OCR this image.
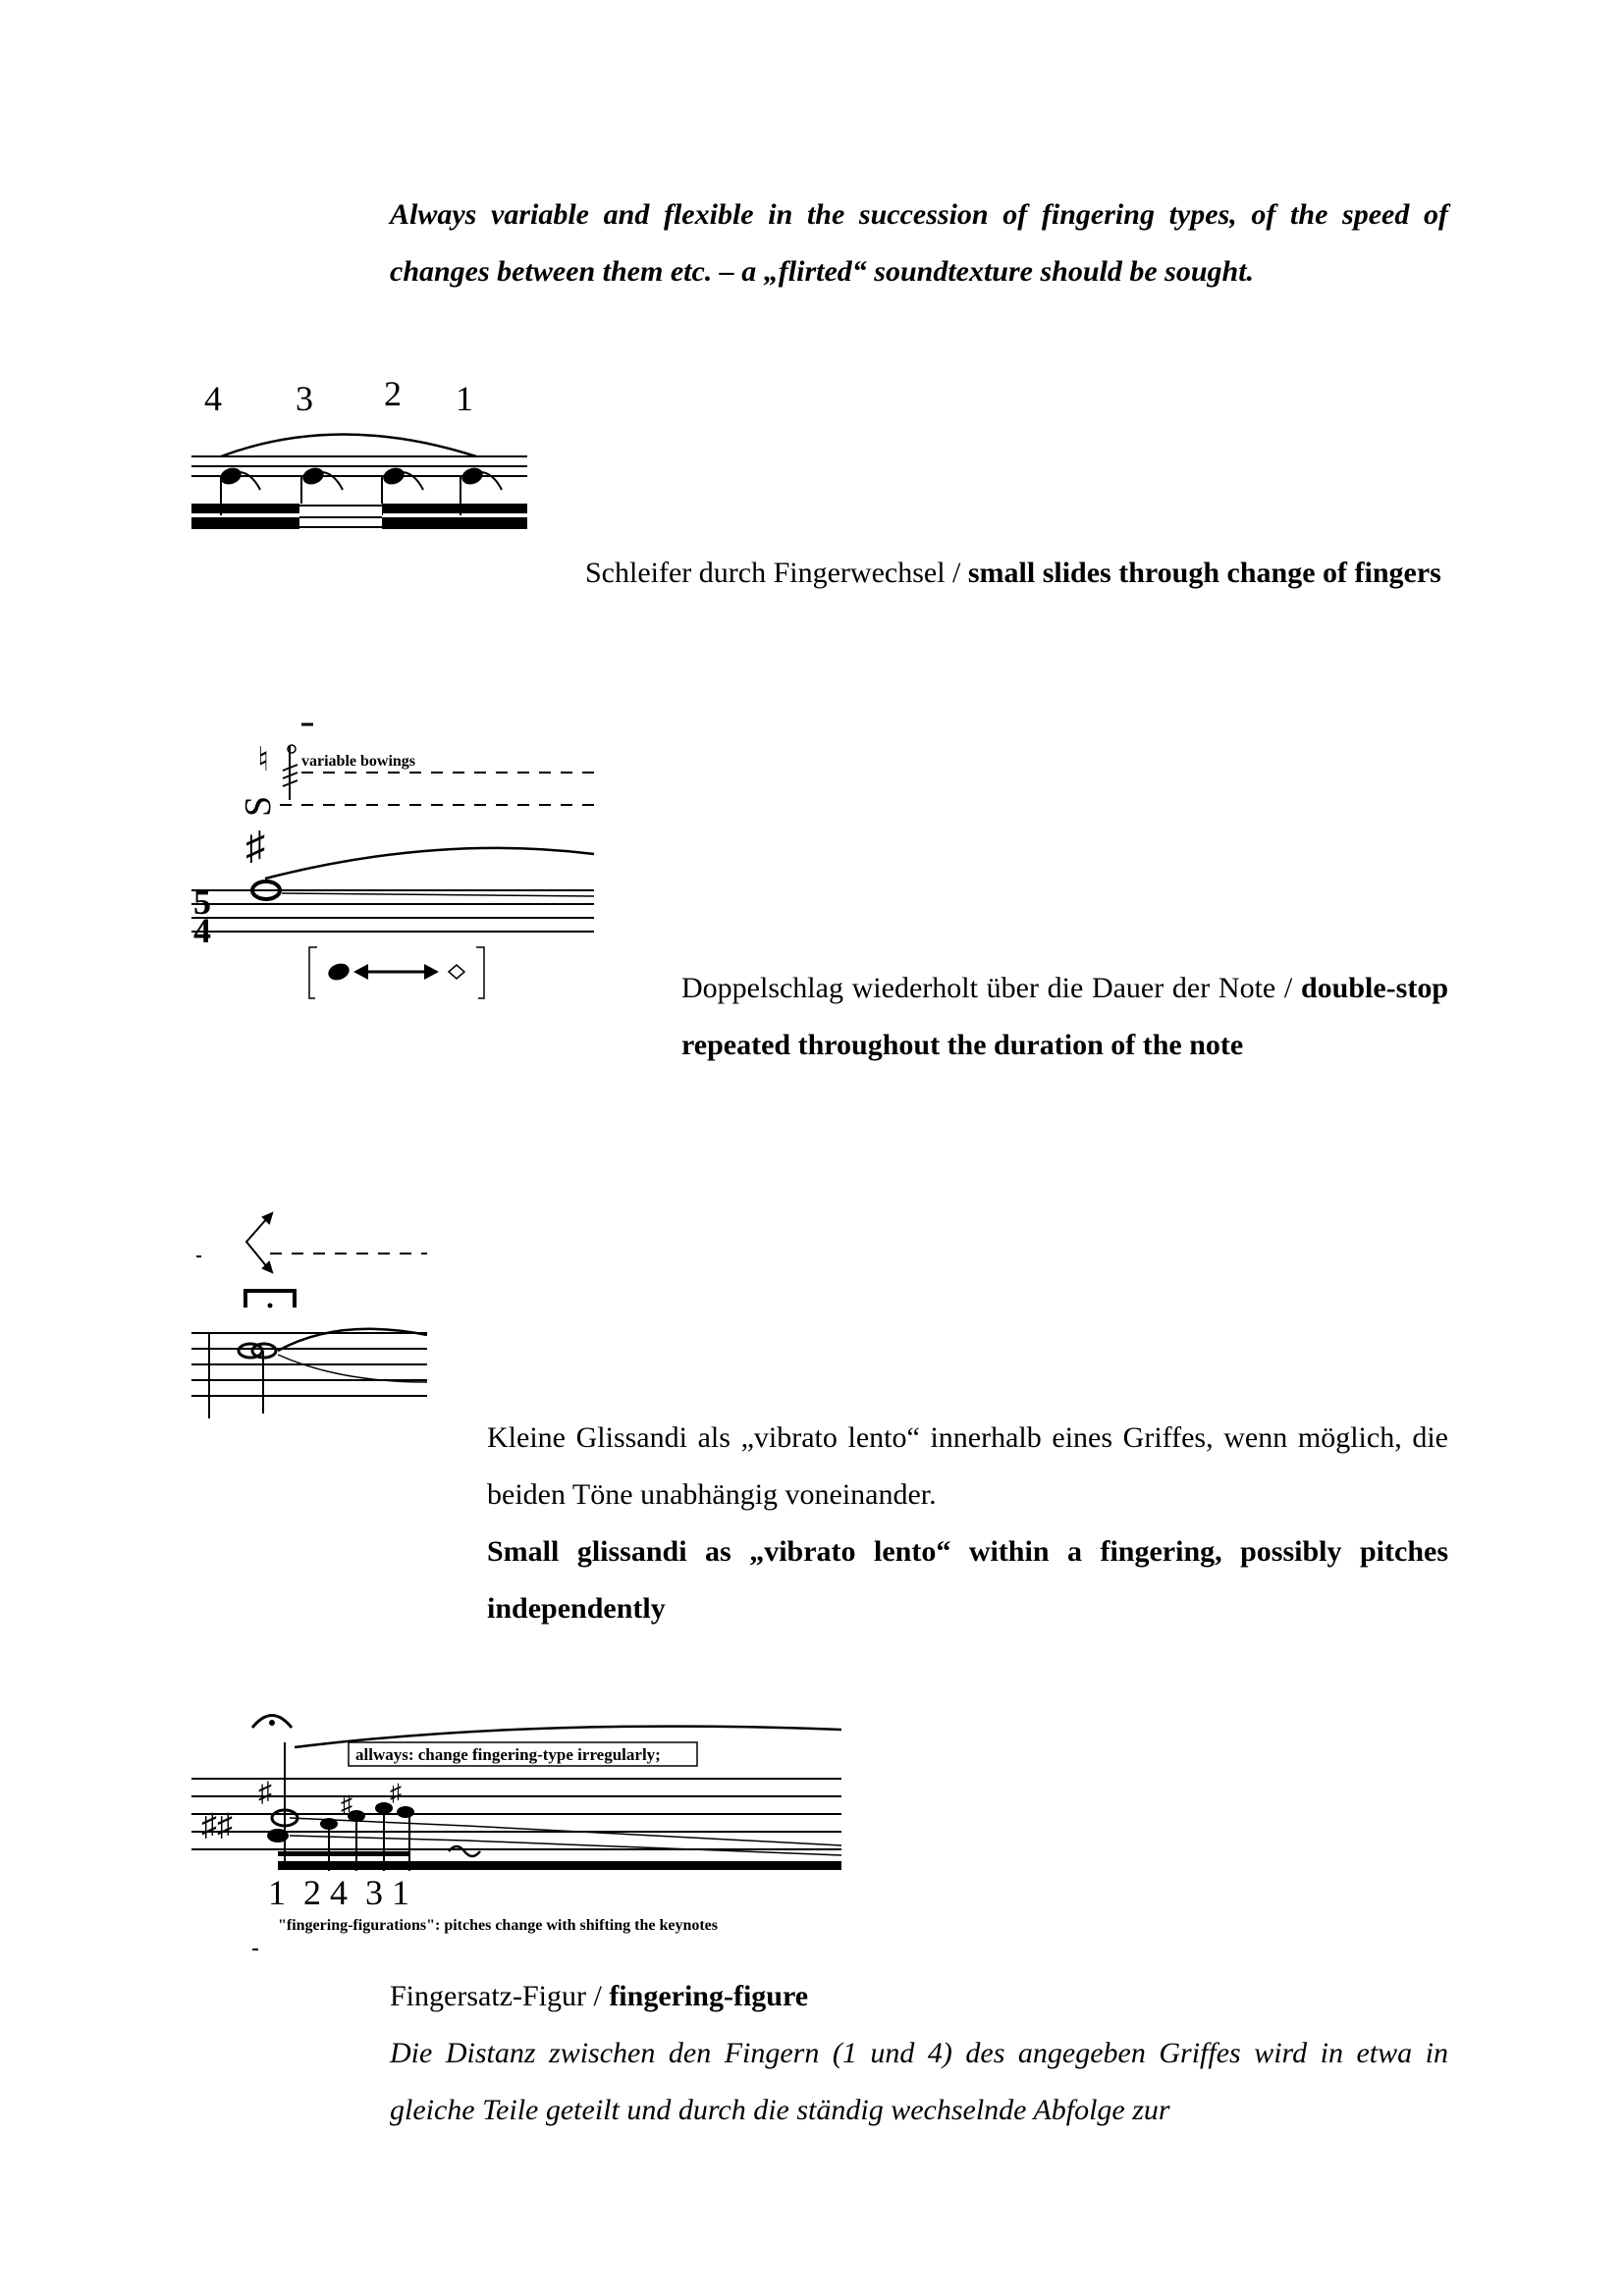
Always variable and flexible in the succession of fingering types, of the speed of changes between them etc. – a „flirted“ soundtexture should be sought.

4 3 2 1

Schleifer durch Fingerwechsel / small slides through change of fingers

♮ variable bowings
S
♯
5
4

Doppelschlag wiederholt über die Dauer der Note / double-stop repeated throughout the duration of the note

Kleine Glissandi als „vibrato lento“ innerhalb eines Griffes, wenn möglich, die beiden Töne unabhängig voneinander.

Small glissandi as „vibrato lento“ within a fingering, possibly pitches independently

allways: change fingering-type irregularly;
♯♯
♯	♯ ♯
1  2 4  3 1
"fingering-figurations": pitches change with shifting the keynotes

Fingersatz-Figur / fingering-figure

Die Distanz zwischen den Fingern (1 und 4) des angegeben Griffes wird in etwa in gleiche Teile geteilt und durch die ständig wechselnde Abfolge zur
